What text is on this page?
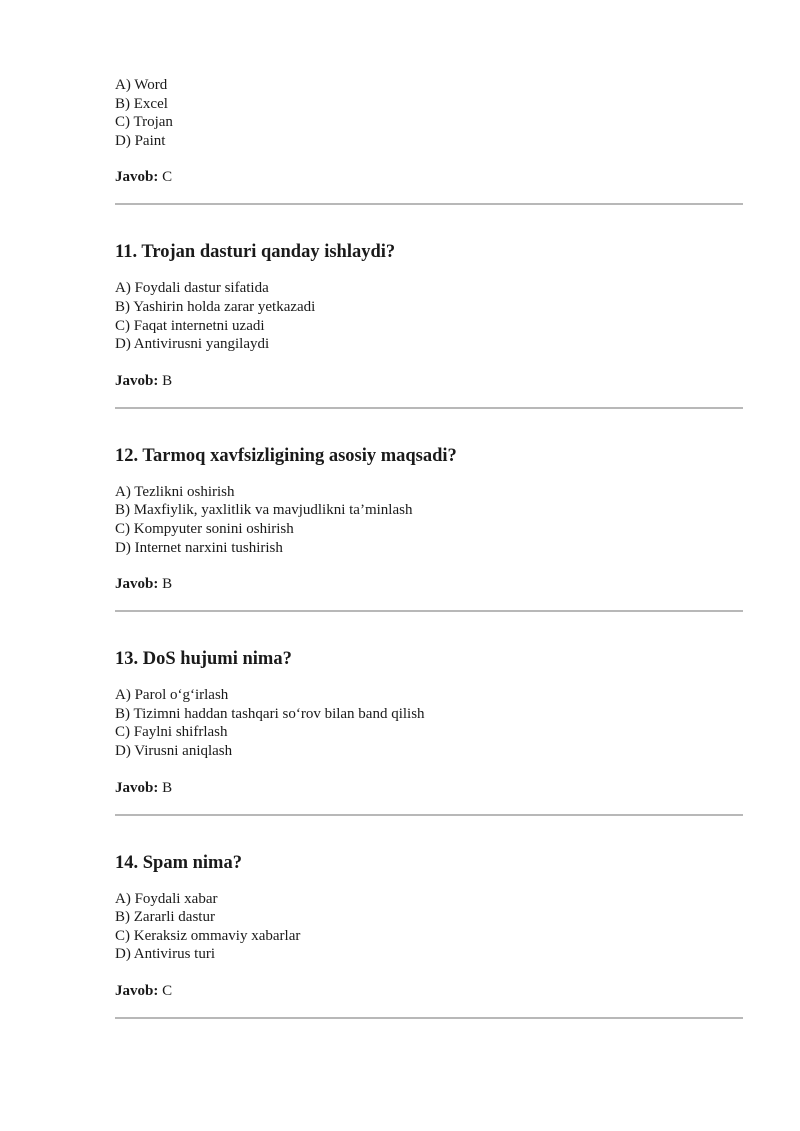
A) Word

B) Excel

C) Trojan

D) Paint

Javob: C

11. Trojan dasturi qanday ishlaydi?

A) Foydali dastur sifatida

B) Yashirin holda zarar yetkazadi

C) Faqat internetni uzadi

D) Antivirusni yangilaydi

Javob: B

12. Tarmoq xavfsizligining asosiy maqsadi?

A) Tezlikni oshirish

B) Maxfiylik, yaxlitlik va mavjudlikni ta’minlash

C) Kompyuter sonini oshirish

D) Internet narxini tushirish

Javob: B

13. DoS hujumi nima?

A) Parol o‘g‘irlash

B) Tizimni haddan tashqari so‘rov bilan band qilish

C) Faylni shifrlash

D) Virusni aniqlash

Javob: B

14. Spam nima?

A) Foydali xabar

B) Zararli dastur

C) Keraksiz ommaviy xabarlar

D) Antivirus turi

Javob: C
